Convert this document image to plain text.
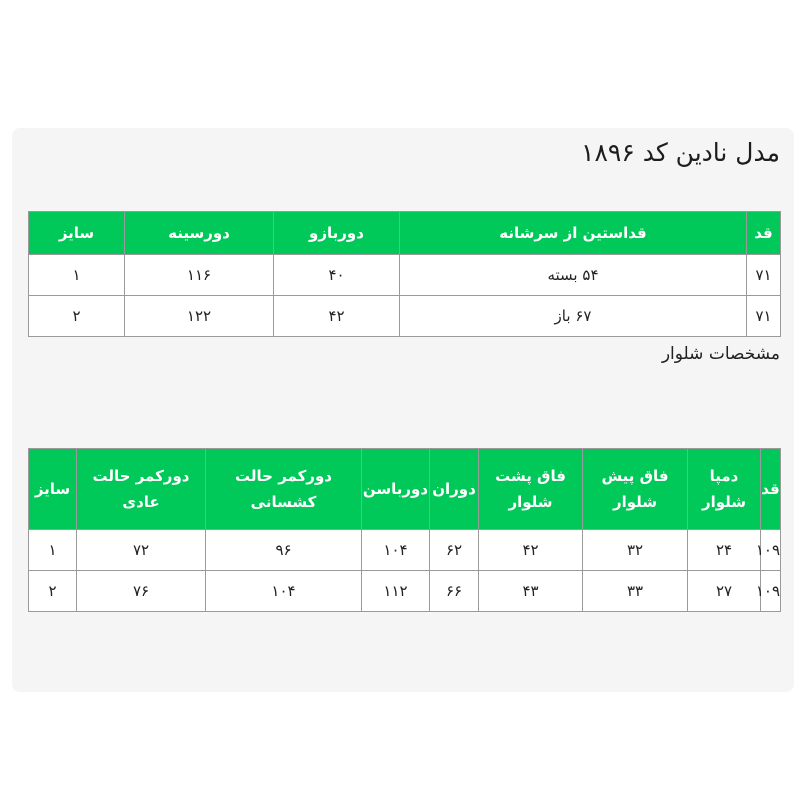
مدل نادین کد ۱۸۹۶
قد	قداستین از سرشانه	دوربازو	دورسینه	سایز
۷۱	۵۴ بسته	۴۰	۱۱۶	۱
۷۱	۶۷ باز	۴۲	۱۲۲	۲

مشخصات شلوار

قد	دمپا شلوار	فاق پیش شلوار	فاق پشت شلوار	دوران	دورباسن	دورکمر حالت کشسانی	دورکمر حالت عادی	سایز
۱۰۹	۲۴	۳۲	۴۲	۶۲	۱۰۴	۹۶	۷۲	۱
۱۰۹	۲۷	۳۳	۴۳	۶۶	۱۱۲	۱۰۴	۷۶	۲
